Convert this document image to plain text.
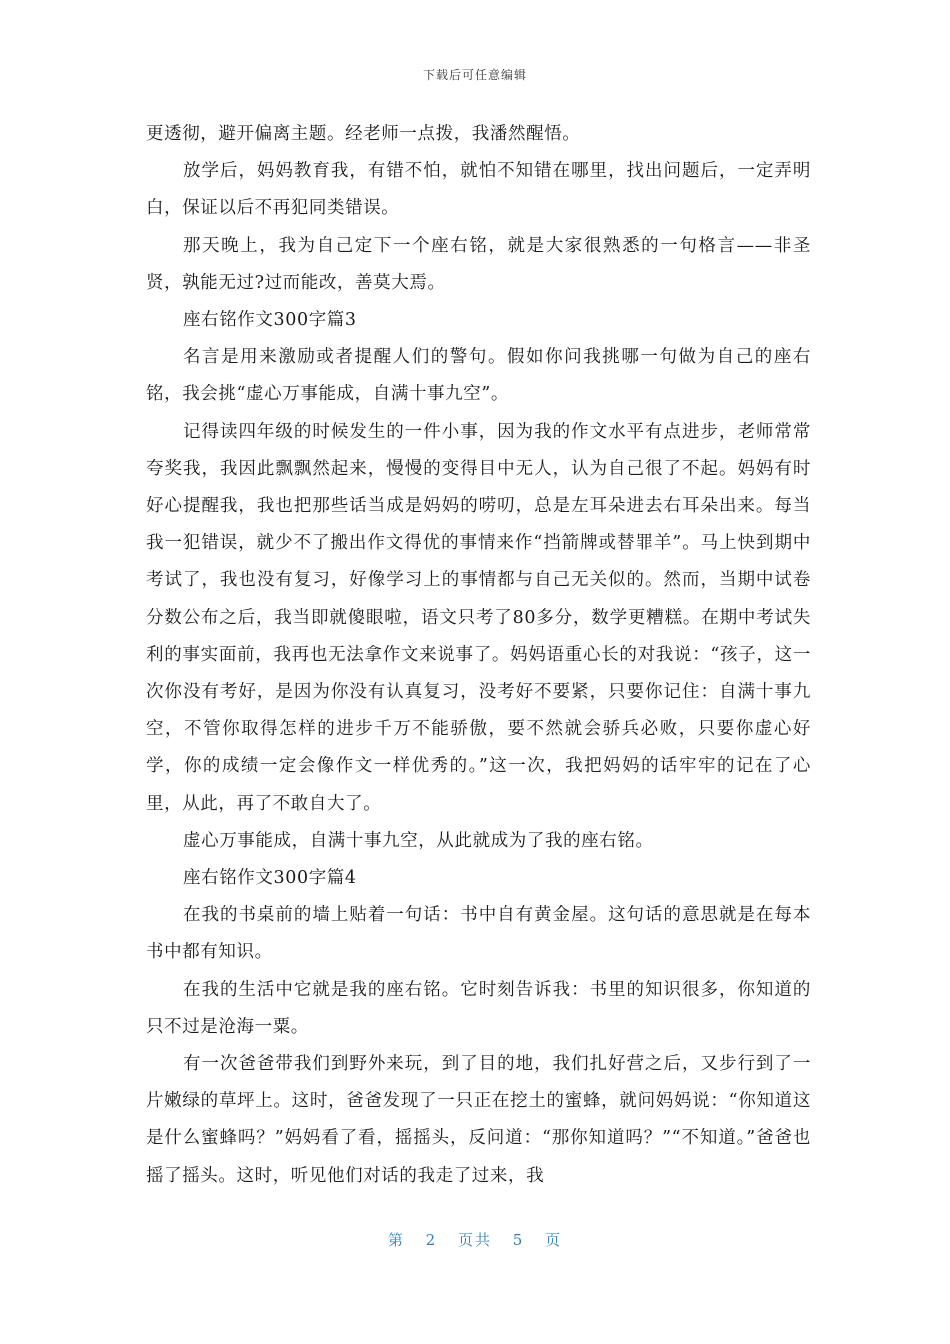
下载后可任意编辑

更透彻，避开偏离主题。经老师一点拨，我潘然醒悟。

放学后，妈妈教育我，有错不怕，就怕不知错在哪里，找出问题后，一定弄明白，保证以后不再犯同类错误。

那天晚上，我为自己定下一个座右铭，就是大家很熟悉的一句格言——非圣贤，孰能无过?过而能改，善莫大焉。

座右铭作文300字篇3

名言是用来激励或者提醒人们的警句。假如你问我挑哪一句做为自己的座右铭，我会挑“虚心万事能成，自满十事九空”。

记得读四年级的时候发生的一件小事，因为我的作文水平有点进步，老师常常夸奖我，我因此飘飘然起来，慢慢的变得目中无人，认为自己很了不起。妈妈有时好心提醒我，我也把那些话当成是妈妈的唠叨，总是左耳朵进去右耳朵出来。每当我一犯错误，就少不了搬出作文得优的事情来作“挡箭牌或替罪羊”。马上快到期中考试了，我也没有复习，好像学习上的事情都与自己无关似的。然而，当期中试卷分数公布之后，我当即就傻眼啦，语文只考了80多分，数学更糟糕。在期中考试失利的事实面前，我再也无法拿作文来说事了。妈妈语重心长的对我说：“孩子，这一次你没有考好，是因为你没有认真复习，没考好不要紧，只要你记住：自满十事九空，不管你取得怎样的进步千万不能骄傲，要不然就会骄兵必败，只要你虚心好学，你的成绩一定会像作文一样优秀的。”这一次，我把妈妈的话牢牢的记在了心里，从此，再了不敢自大了。

虚心万事能成，自满十事九空，从此就成为了我的座右铭。

座右铭作文300字篇4

在我的书桌前的墙上贴着一句话：书中自有黄金屋。这句话的意思就是在每本书中都有知识。

在我的生活中它就是我的座右铭。它时刻告诉我：书里的知识很多，你知道的只不过是沧海一粟。

有一次爸爸带我们到野外来玩，到了目的地，我们扎好营之后，又步行到了一片嫩绿的草坪上。这时，爸爸发现了一只正在挖土的蜜蜂，就问妈妈说：“你知道这是什么蜜蜂吗？”妈妈看了看，摇摇头，反问道：“那你知道吗？”“不知道。”爸爸也摇了摇头。这时，听见他们对话的我走了过来，我

第 2 页共 5 页
